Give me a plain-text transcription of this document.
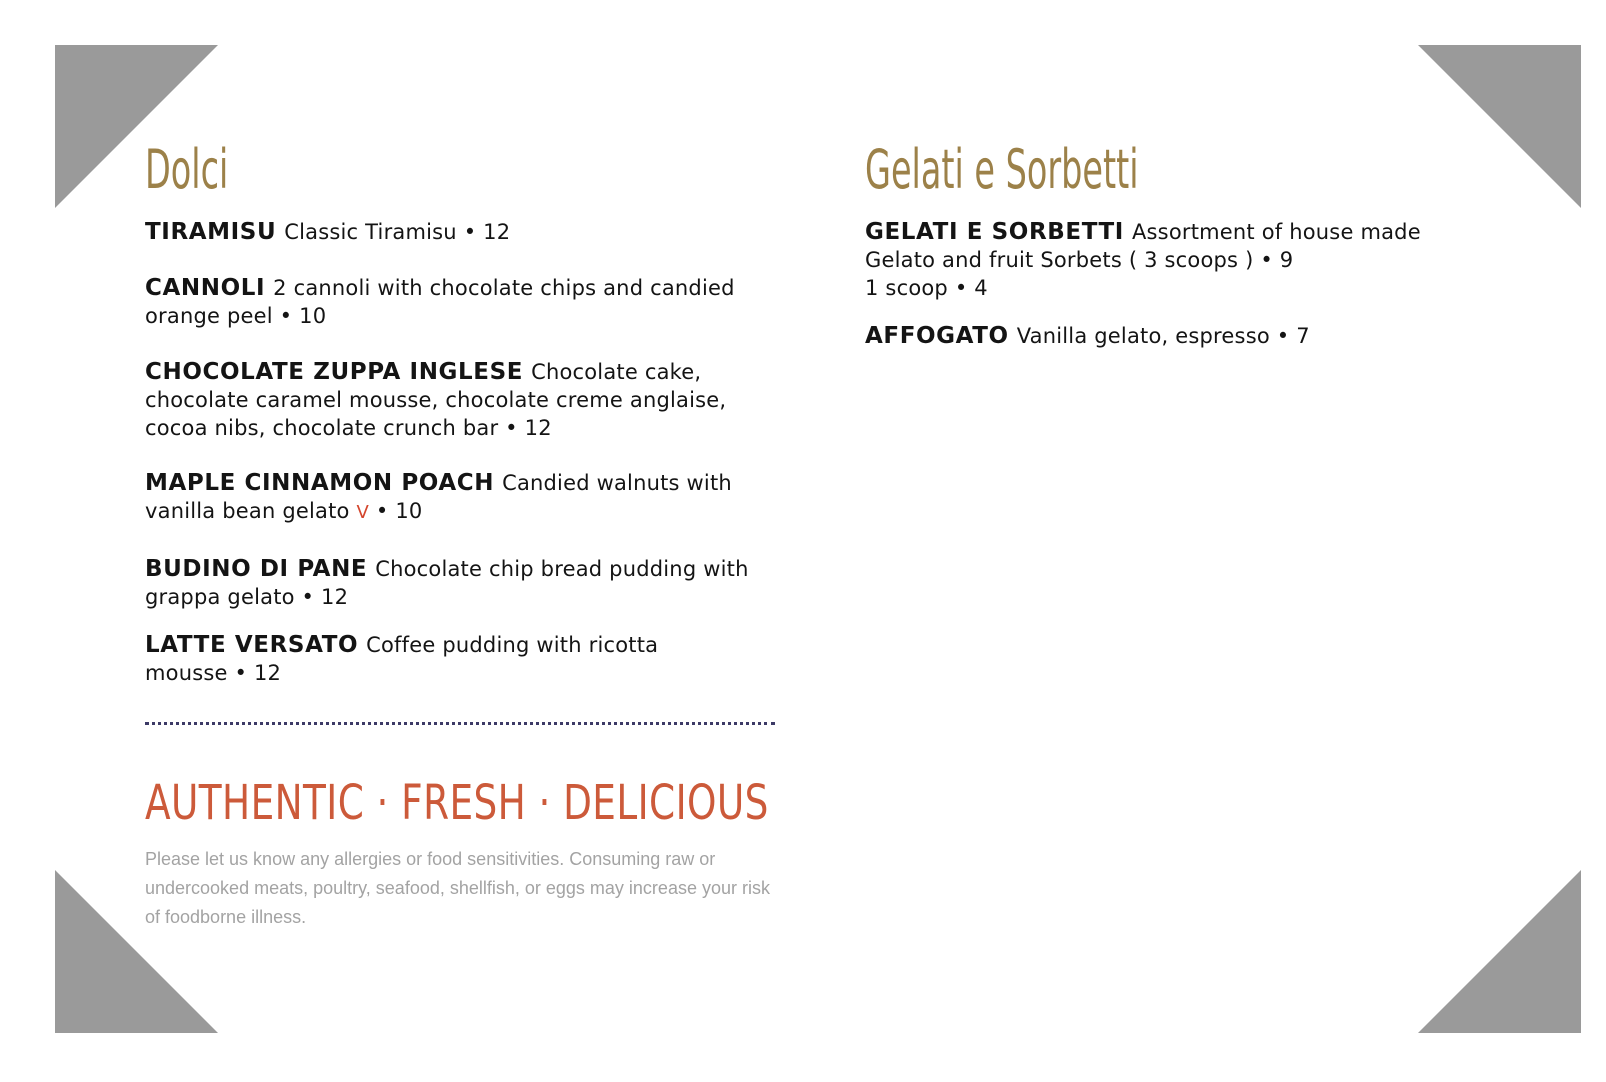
Dolci
TIRAMISU Classic Tiramisu • 12
CANNOLI 2 cannoli with chocolate chips and candied orange peel • 10
CHOCOLATE ZUPPA INGLESE Chocolate cake, chocolate caramel mousse, chocolate creme anglaise, cocoa nibs, chocolate crunch bar • 12
MAPLE CINNAMON POACH Candied walnuts with vanilla bean gelato V • 10
BUDINO DI PANE Chocolate chip bread pudding with grappa gelato • 12
LATTE VERSATO Coffee pudding with ricotta mousse • 12
AUTHENTIC · FRESH · DELICIOUS

Please let us know any allergies or food sensitivities. Consuming raw or undercooked meats, poultry, seafood, shellfish, or eggs may increase your risk of foodborne illness.

Gelati e Sorbetti
GELATI E SORBETTI Assortment of house made Gelato and fruit Sorbets ( 3 scoops ) • 9
1 scoop • 4
AFFOGATO Vanilla gelato, espresso • 7
